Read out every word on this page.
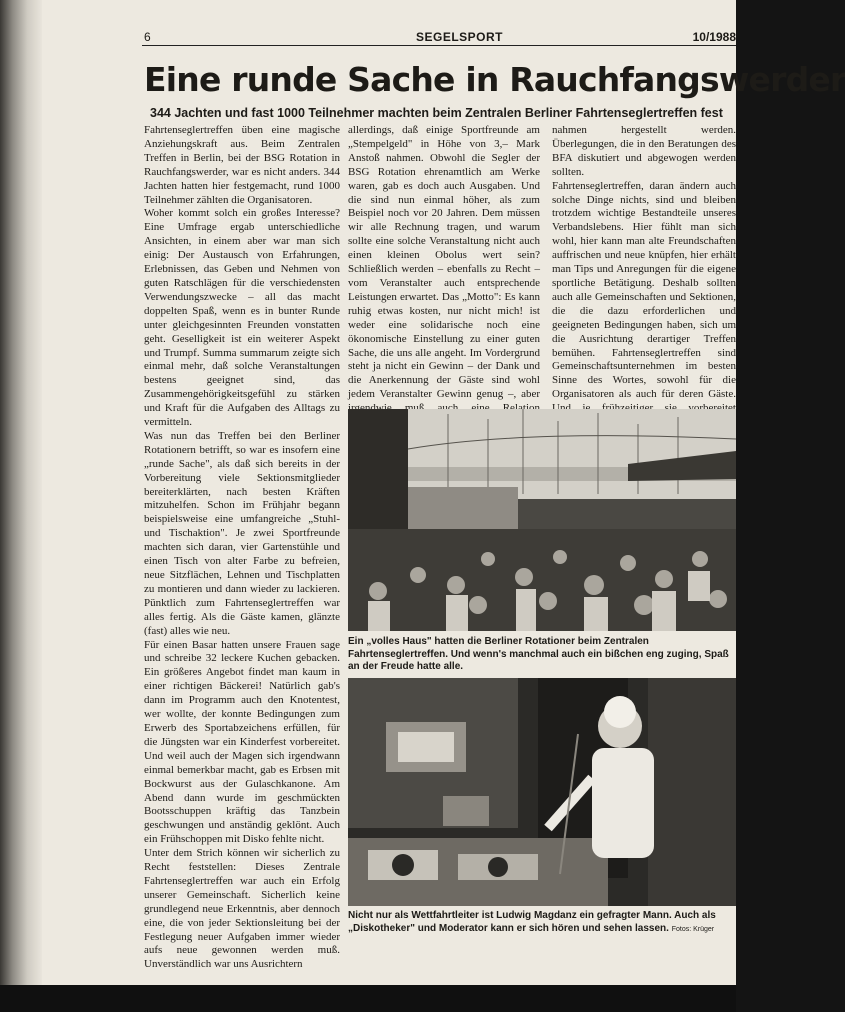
6	SEGELSPORT	10/1988
Eine runde Sache in Rauchfangswerder
344 Jachten und fast 1000 Teilnehmer machten beim Zentralen Berliner Fahrtenseglertreffen fest

Fahrtenseglertreffen üben eine magische Anziehungskraft aus. Beim Zentralen Treffen in Berlin, bei der BSG Rotation in Rauchfangswerder, war es nicht anders. 344 Jachten hatten hier festgemacht, rund 1000 Teilnehmer zählten die Organisatoren.

Woher kommt solch ein großes Interesse? Eine Umfrage ergab unterschiedliche Ansichten, in einem aber war man sich einig: Der Austausch von Erfahrungen, Erlebnissen, das Geben und Nehmen von guten Ratschlägen für die verschiedensten Verwendungszwecke – all das macht doppelten Spaß, wenn es in bunter Runde unter gleichgesinnten Freunden vonstatten geht. Geselligkeit ist ein weiterer Aspekt und Trumpf. Summa summarum zeigte sich einmal mehr, daß solche Veranstaltungen bestens geeignet sind, das Zusammengehörigkeitsgefühl zu stärken und Kraft für die Aufgaben des Alltags zu vermitteln.

Was nun das Treffen bei den Berliner Rotationern betrifft, so war es insofern eine „runde Sache", als daß sich bereits in der Vorbereitung viele Sektionsmitglieder bereiterklärten, nach besten Kräften mitzuhelfen. Schon im Frühjahr begann beispielsweise eine umfangreiche „Stuhl- und Tischaktion". Je zwei Sportfreunde machten sich daran, vier Gartenstühle und einen Tisch von alter Farbe zu befreien, neue Sitzflächen, Lehnen und Tischplatten zu montieren und dann wieder zu lackieren. Pünktlich zum Fahrtenseglertreffen war alles fertig. Als die Gäste kamen, glänzte (fast) alles wie neu.

Für einen Basar hatten unsere Frauen sage und schreibe 32 leckere Kuchen gebacken. Ein größeres Angebot findet man kaum in einer richtigen Bäckerei! Natürlich gab's dann im Programm auch den Knotentest, wer wollte, der konnte Bedingungen zum Erwerb des Sportabzeichens erfüllen, für die Jüngsten war ein Kinderfest vorbereitet. Und weil auch der Magen sich irgendwann einmal bemerkbar macht, gab es Erbsen mit Bockwurst aus der Gulaschkanone. Am Abend dann wurde im geschmückten Bootsschuppen kräftig das Tanzbein geschwungen und anständig geklönt. Auch ein Frühschoppen mit Disko fehlte nicht.

Unter dem Strich können wir sicherlich zu Recht feststellen: Dieses Zentrale Fahrtenseglertreffen war auch ein Erfolg unserer Gemeinschaft. Sicherlich keine grundlegend neue Erkenntnis, aber dennoch eine, die von jeder Sektionsleitung bei der Festlegung neuer Aufgaben immer wieder aufs neue gewonnen werden muß. Unverständlich war uns Ausrichtern

allerdings, daß einige Sportfreunde am „Stempelgeld" in Höhe von 3,– Mark Anstoß nahmen. Obwohl die Segler der BSG Rotation ehrenamtlich am Werke waren, gab es doch auch Ausgaben. Und die sind nun einmal höher, als zum Beispiel noch vor 20 Jahren. Dem müssen wir alle Rechnung tragen, und warum sollte eine solche Veranstaltung nicht auch einen kleinen Obolus wert sein? Schließlich werden – ebenfalls zu Recht – vom Veranstalter auch entsprechende Leistungen erwartet. Das „Motto": Es kann ruhig etwas kosten, nur nicht mich! ist weder eine solidarische noch eine ökonomische Einstellung zu einer guten Sache, die uns alle angeht. Im Vordergrund steht ja nicht ein Gewinn – der Dank und die Anerkennung der Gäste sind wohl jedem Veranstalter Gewinn genug –, aber

nahmen hergestellt werden. Überlegungen, die in den Beratungen des BFA diskutiert und abgewogen werden sollten.

Fahrtenseglertreffen, daran ändern auch solche Dinge nichts, sind und bleiben trotzdem wichtige Bestandteile unseres Verbandslebens. Hier fühlt man sich wohl, hier kann man alte Freundschaften auffrischen und neue knüpfen, hier erhält man Tips und Anregungen für die eigene sportliche Betätigung. Deshalb sollten auch alle Gemeinschaften und Sektionen, die die dazu erforderlichen und geeigneten Bedingungen haben, sich um die Ausrichtung derartiger Treffen bemühen. Fahrtenseglertreffen sind Gemeinschaftsunternehmen im besten Sinne des Wortes, sowohl für die Organisatoren als auch für deren Gäste.

Ein „volles Haus" hatten die Berliner Rotationer beim Zentralen Fahrtenseglertreffen. Und wenn's manchmal auch ein bißchen eng zuging, Spaß an der Freude hatte alle.

Nicht nur als Wettfahrtleiter ist Ludwig Magdanz ein gefragter Mann. Auch als „Diskotheker" und Moderator kann er sich hören und sehen lassen. Fotos: Krüger
